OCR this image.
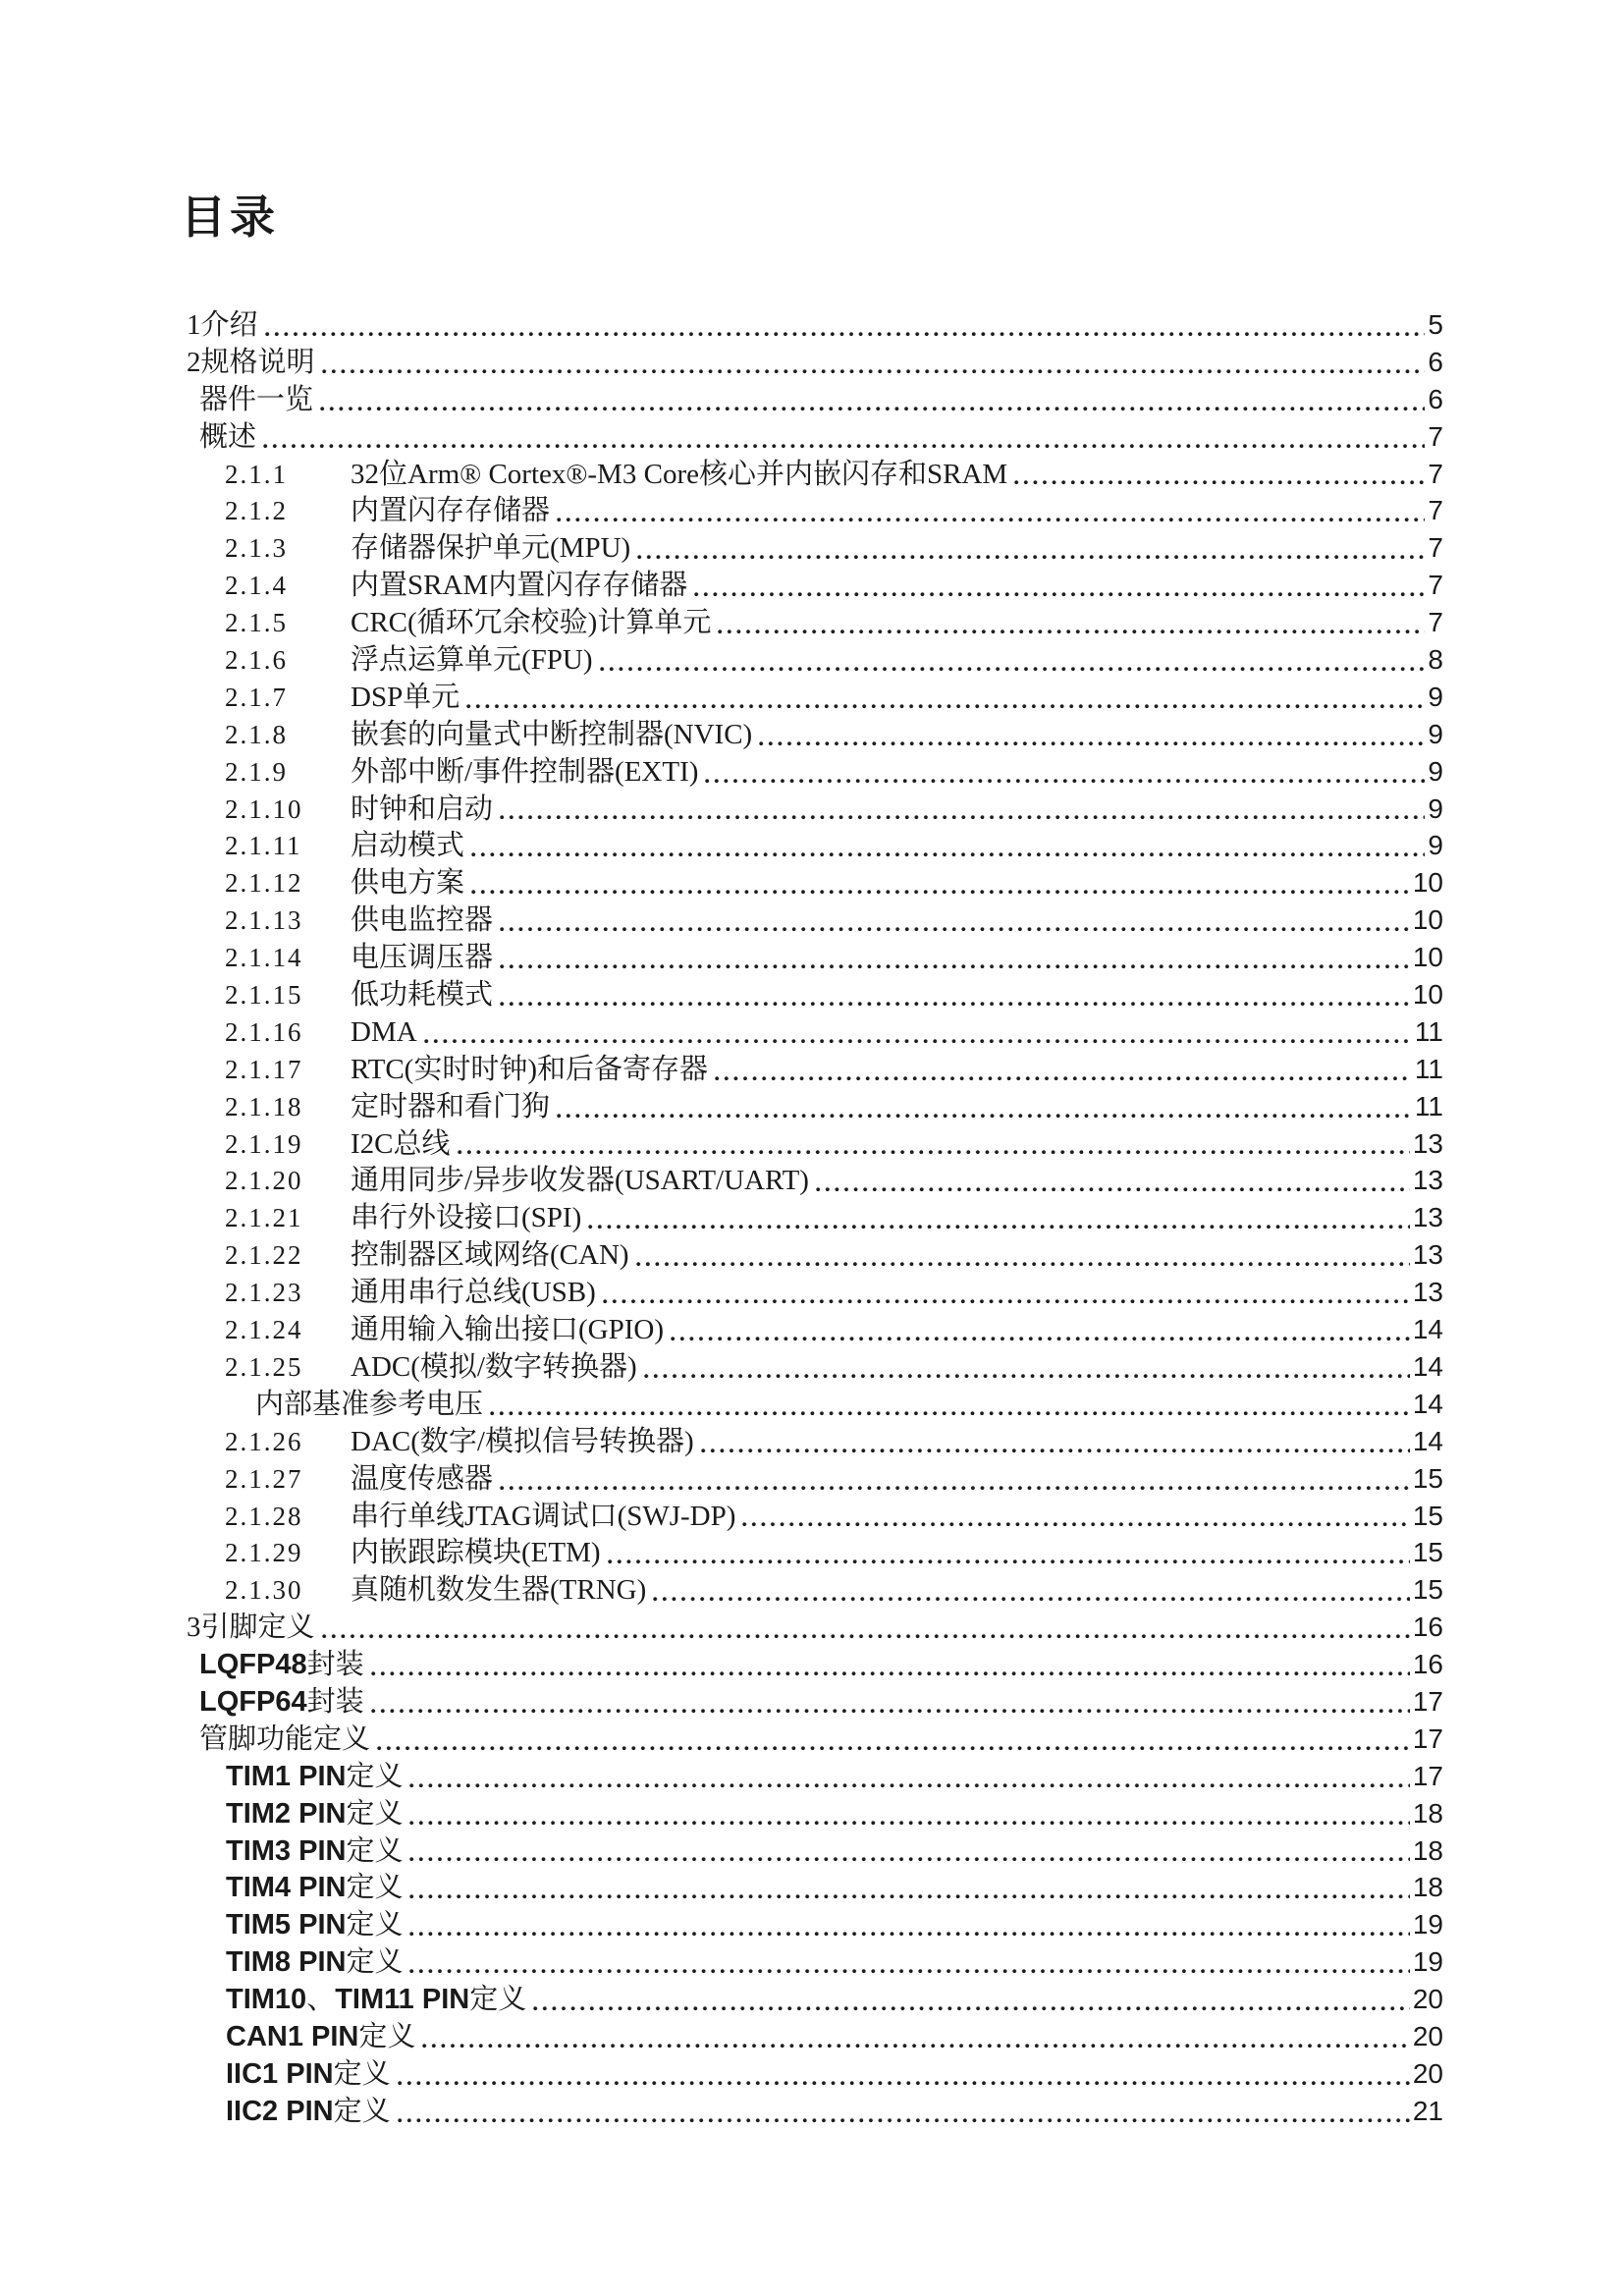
目录
1介绍	5
2规格说明	6
器件一览	6
概述	7
2.1.1	32位Arm® Cortex®-M3 Core核心并内嵌闪存和SRAM	7
2.1.2	内置闪存存储器	7
2.1.3	存储器保护单元(MPU)	7
2.1.4	内置SRAM内置闪存存储器	7
2.1.5	CRC(循环冗余校验)计算单元	7
2.1.6	浮点运算单元(FPU)	8
2.1.7	DSP单元	9
2.1.8	嵌套的向量式中断控制器(NVIC)	9
2.1.9	外部中断/事件控制器(EXTI)	9
2.1.10	时钟和启动	9
2.1.11	启动模式	9
2.1.12	供电方案	10
2.1.13	供电监控器	10
2.1.14	电压调压器	10
2.1.15	低功耗模式	10
2.1.16	DMA	11
2.1.17	RTC(实时时钟)和后备寄存器	11
2.1.18	定时器和看门狗	11
2.1.19	I2C总线	13
2.1.20	通用同步/异步收发器(USART/UART)	13
2.1.21	串行外设接口(SPI)	13
2.1.22	控制器区域网络(CAN)	13
2.1.23	通用串行总线(USB)	13
2.1.24	通用输入输出接口(GPIO)	14
2.1.25	ADC(模拟/数字转换器)	14
内部基准参考电压	14
2.1.26	DAC(数字/模拟信号转换器)	14
2.1.27	温度传感器	15
2.1.28	串行单线JTAG调试口(SWJ-DP)	15
2.1.29	内嵌跟踪模块(ETM)	15
2.1.30	真随机数发生器(TRNG)	15
3引脚定义	16
LQFP48封装	16
LQFP64封装	17
管脚功能定义	17
TIM1 PIN定义	17
TIM2 PIN定义	18
TIM3 PIN定义	18
TIM4 PIN定义	18
TIM5 PIN定义	19
TIM8 PIN定义	19
TIM10、TIM11 PIN定义	20
CAN1 PIN定义	20
IIC1 PIN定义	20
IIC2 PIN定义	21
